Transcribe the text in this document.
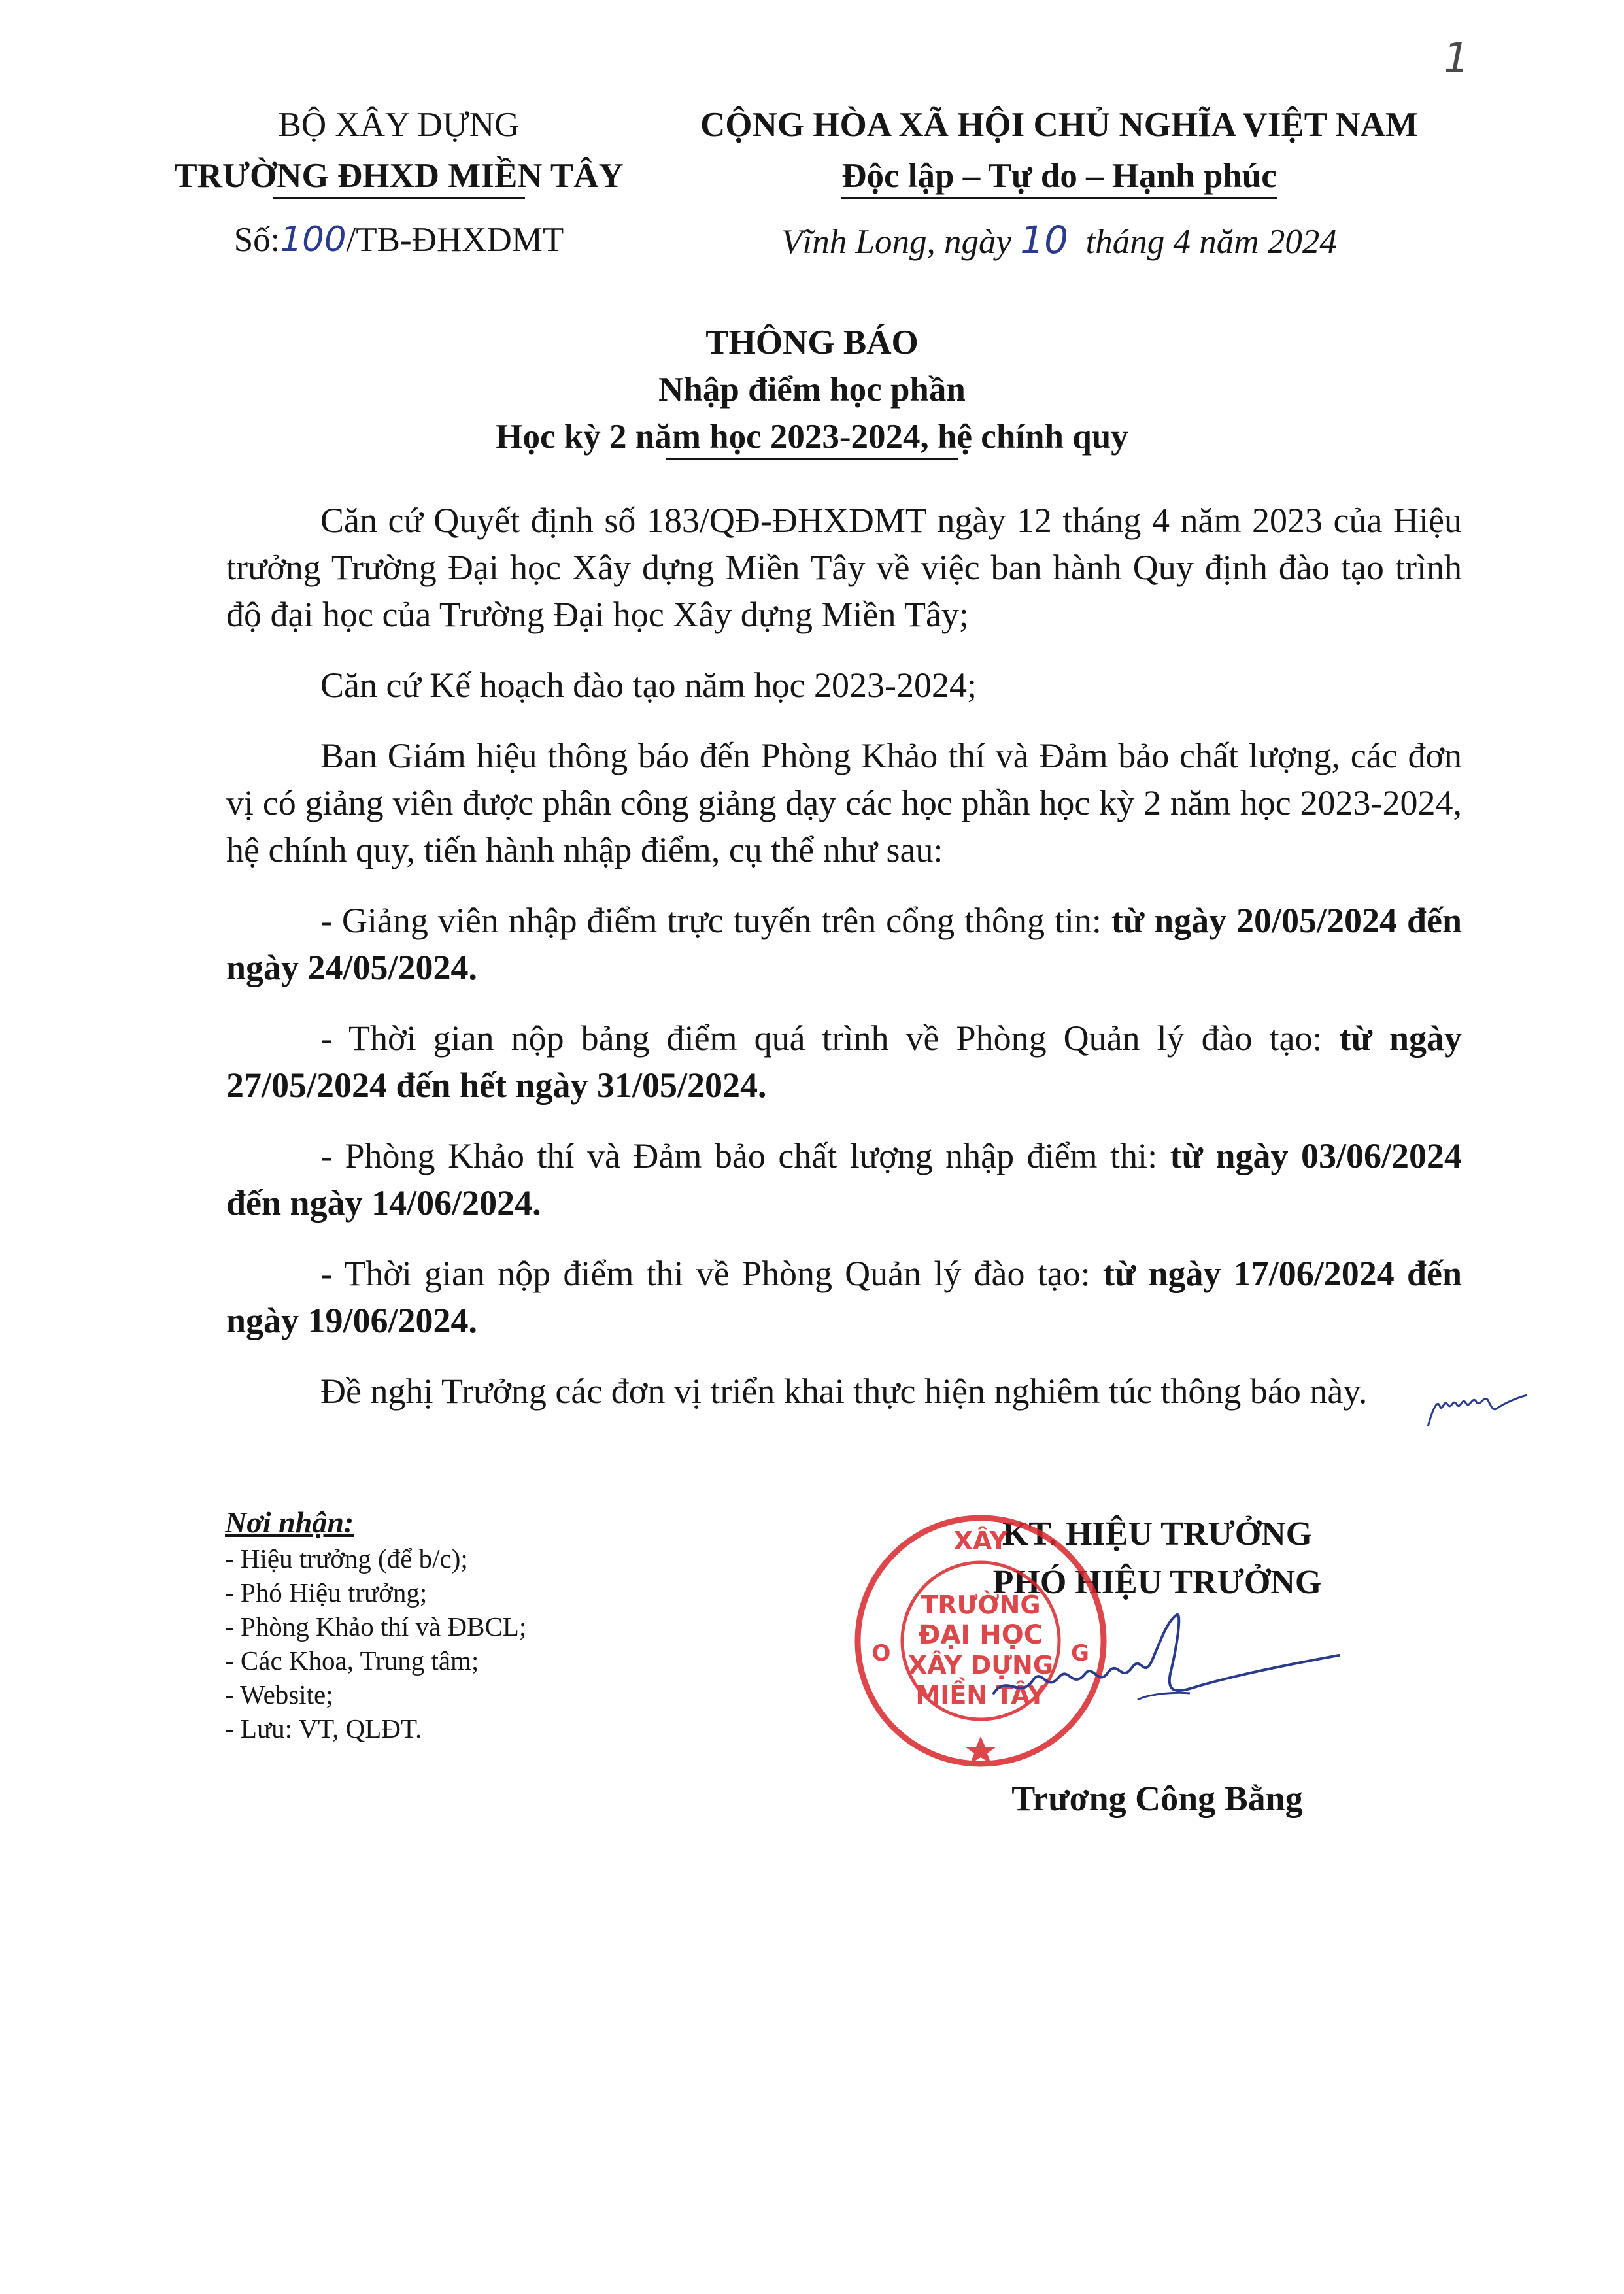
1
BỘ XÂY DỰNG
TRƯỜNG ĐHXD MIỀN TÂY
Số:100/TB-ĐHXDMT
CỘNG HÒA XÃ HỘI CHỦ NGHĨA VIỆT NAM
Độc lập – Tự do – Hạnh phúc
Vĩnh Long, ngày 10  tháng 4 năm 2024
THÔNG BÁO
Nhập điểm học phần
Học kỳ 2 năm học 2023-2024, hệ chính quy

Căn cứ Quyết định số 183/QĐ-ĐHXDMT ngày 12 tháng 4 năm 2023 của Hiệu trưởng Trường Đại học Xây dựng Miền Tây về việc ban hành Quy định đào tạo trình độ đại học của Trường Đại học Xây dựng Miền Tây;

Căn cứ Kế hoạch đào tạo năm học 2023-2024;

Ban Giám hiệu thông báo đến Phòng Khảo thí và Đảm bảo chất lượng, các đơn vị có giảng viên được phân công giảng dạy các học phần học kỳ 2 năm học 2023-2024, hệ chính quy, tiến hành nhập điểm, cụ thể như sau:

- Giảng viên nhập điểm trực tuyến trên cổng thông tin: từ ngày 20/05/2024 đến ngày 24/05/2024.

- Thời gian nộp bảng điểm quá trình về Phòng Quản lý đào tạo: từ ngày 27/05/2024 đến hết ngày 31/05/2024.

- Phòng Khảo thí và Đảm bảo chất lượng nhập điểm thi: từ ngày 03/06/2024 đến ngày 14/06/2024.

- Thời gian nộp điểm thi về Phòng Quản lý đào tạo: từ ngày 17/06/2024 đến ngày 19/06/2024.

Đề nghị Trưởng các đơn vị triển khai thực hiện nghiêm túc thông báo này.

Nơi nhận:
- Hiệu trưởng (để b/c);
- Phó Hiệu trưởng;
- Phòng Khảo thí và ĐBCL;
- Các Khoa, Trung tâm;
- Website;
- Lưu: VT, QLĐT.
KT. HIỆU TRƯỞNG
PHÓ HIỆU TRƯỞNG
XÂY
G
O
TRƯỜNG
ĐẠI HỌC
XÂY DỰNG
MIỀN TÂY
Trương Công Bằng
